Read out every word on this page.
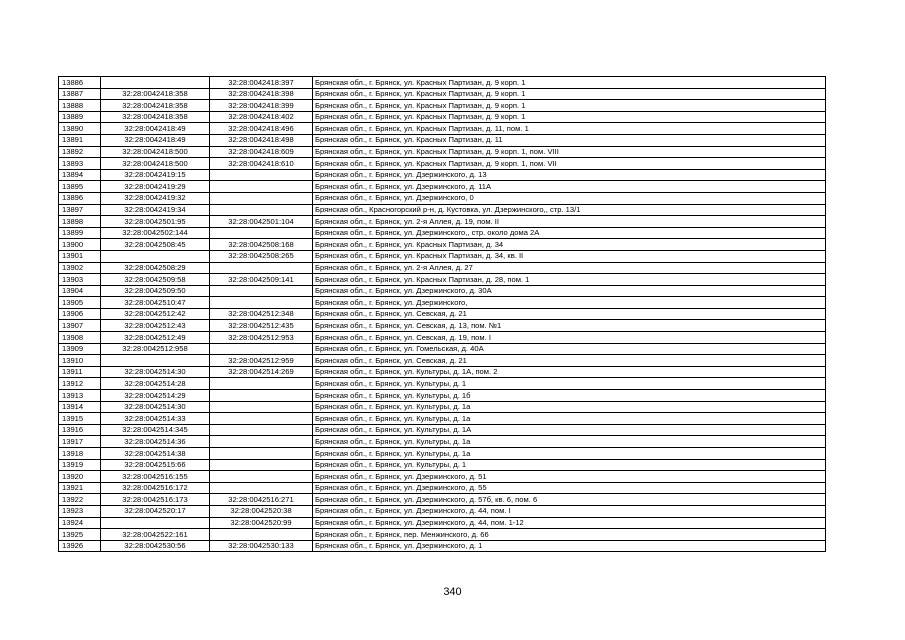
13886		32:28:0042418:397	Брянская обл., г. Брянск, ул. Красных Партизан, д. 9 корп. 1
13887	32:28:0042418:358	32:28:0042418:398	Брянская обл., г. Брянск, ул. Красных Партизан, д. 9 корп. 1
13888	32:28:0042418:358	32:28:0042418:399	Брянская обл., г. Брянск, ул. Красных Партизан, д. 9 корп. 1
13889	32:28:0042418:358	32:28:0042418:402	Брянская обл., г. Брянск, ул. Красных Партизан, д. 9 корп. 1
13890	32:28:0042418:49	32:28:0042418:496	Брянская обл., г. Брянск, ул. Красных Партизан, д. 11, пом. 1
13891	32:28:0042418:49	32:28:0042418:498	Брянская обл., г. Брянск, ул. Красных Партизан, д. 11
13892	32:28:0042418:500	32:28:0042418:609	Брянская обл., г. Брянск, ул. Красных Партизан, д. 9 корп. 1, пом. VIII
13893	32:28:0042418:500	32:28:0042418:610	Брянская обл., г. Брянск, ул. Красных Партизан, д. 9 корп. 1, пом. VII
13894	32:28:0042419:15		Брянская обл., г. Брянск, ул. Дзержинского, д. 13
13895	32:28:0042419:29		Брянская обл., г. Брянск, ул. Дзержинского, д. 11А
13896	32:28:0042419:32		Брянская обл., г. Брянск, ул. Дзержинского, 0
13897	32:28:0042419:34		Брянская обл., Красногорский р-н, д. Кустовка, ул. Дзержинского,, стр. 13/1
13898	32:28:0042501:95	32:28:0042501:104	Брянская обл., г. Брянск, ул. 2-я Аллея, д. 19, пом. II
13899	32:28:0042502:144		Брянская обл., г. Брянск, ул. Дзержинского,, стр. около дома 2А
13900	32:28:0042508:45	32:28:0042508:168	Брянская обл., г. Брянск, ул. Красных Партизан, д. 34
13901		32:28:0042508:265	Брянская обл., г. Брянск, ул. Красных Партизан, д. 34, кв. II
13902	32:28:0042508:29		Брянская обл., г. Брянск, ул. 2-я Аллея, д. 27
13903	32:28:0042509:58	32:28:0042509:141	Брянская обл., г. Брянск, ул. Красных Партизан, д. 28, пом. 1
13904	32:28:0042509:50		Брянская обл., г. Брянск, ул. Дзержинского, д. 30А
13905	32:28:0042510:47		Брянская обл., г. Брянск, ул. Дзержинского,
13906	32:28:0042512:42	32:28:0042512:348	Брянская обл., г. Брянск, ул. Севская, д. 21
13907	32:28:0042512:43	32:28:0042512:435	Брянская обл., г. Брянск, ул. Севская, д. 13, пом. №1
13908	32:28:0042512:49	32:28:0042512:953	Брянская обл., г. Брянск, ул. Севская, д. 19, пом. I
13909	32:28:0042512:958		Брянская обл., г. Брянск, ул. Гомельская, д. 40А
13910		32:28:0042512:959	Брянская обл., г. Брянск, ул. Севская, д. 21
13911	32:28:0042514:30	32:28:0042514:269	Брянская обл., г. Брянск, ул. Культуры, д. 1А, пом. 2
13912	32:28:0042514:28		Брянская обл., г. Брянск, ул. Культуры, д. 1
13913	32:28:0042514:29		Брянская обл., г. Брянск, ул. Культуры, д. 1б
13914	32:28:0042514:30		Брянская обл., г. Брянск, ул. Культуры, д. 1а
13915	32:28:0042514:33		Брянская обл., г. Брянск, ул. Культуры, д. 1а
13916	32:28:0042514:345		Брянская обл., г. Брянск, ул. Культуры, д. 1А
13917	32:28:0042514:36		Брянская обл., г. Брянск, ул. Культуры, д. 1а
13918	32:28:0042514:38		Брянская обл., г. Брянск, ул. Культуры, д. 1а
13919	32:28:0042515:66		Брянская обл., г. Брянск, ул. Культуры, д. 1
13920	32:28:0042516:155		Брянская обл., г. Брянск, ул. Дзержинского, д. 51
13921	32:28:0042516:172		Брянская обл., г. Брянск, ул. Дзержинского, д. 55
13922	32:28:0042516:173	32:28:0042516:271	Брянская обл., г. Брянск, ул. Дзержинского, д. 57б, кв. 6, пом. 6
13923	32:28:0042520:17	32:28:0042520:38	Брянская обл., г. Брянск, ул. Дзержинского, д. 44, пом. I
13924		32:28:0042520:99	Брянская обл., г. Брянск, ул. Дзержинского, д. 44, пом. 1-12
13925	32:28:0042522:161		Брянская обл., г. Брянск, пер. Менжинского, д. 66
13926	32:28:0042530:56	32:28:0042530:133	Брянская обл., г. Брянск, ул. Дзержинского, д. 1
340
